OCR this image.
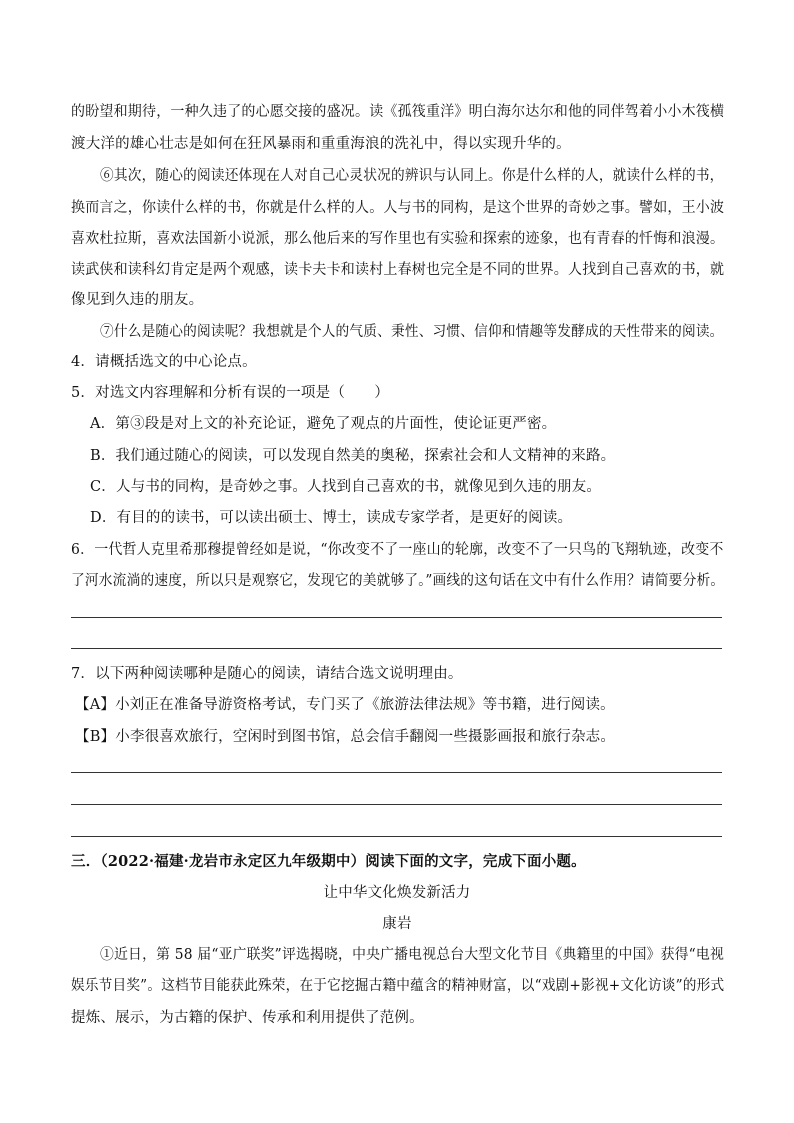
的盼望和期待，一种久违了的心愿交接的盛况。读《孤筏重洋》明白海尔达尔和他的同伴驾着小小木筏横
渡大洋的雄心壮志是如何在狂风暴雨和重重海浪的洗礼中，得以实现升华的。
⑥其次，随心的阅读还体现在人对自己心灵状况的辨识与认同上。你是什么样的人，就读什么样的书，
换而言之，你读什么样的书，你就是什么样的人。人与书的同构，是这个世界的奇妙之事。譬如，王小波
喜欢杜拉斯，喜欢法国新小说派，那么他后来的写作里也有实验和探索的迹象，也有青春的忏悔和浪漫。
读武侠和读科幻肯定是两个观感，读卡夫卡和读村上春树也完全是不同的世界。人找到自己喜欢的书，就
像见到久违的朋友。
⑦什么是随心的阅读呢？我想就是个人的气质、秉性、习惯、信仰和情趣等发酵成的天性带来的阅读。
4．请概括选文的中心论点。
5．对选文内容理解和分析有误的一项是（　　）
A．第③段是对上文的补充论证，避免了观点的片面性，使论证更严密。
B．我们通过随心的阅读，可以发现自然美的奥秘，探索社会和人文精神的来路。
C．人与书的同构，是奇妙之事。人找到自己喜欢的书，就像见到久违的朋友。
D．有目的的读书，可以读出硕士、博士，读成专家学者，是更好的阅读。
6．一代哲人克里希那穆提曾经如是说，“你改变不了一座山的轮廓，改变不了一只鸟的飞翔轨迹，改变不
了河水流淌的速度，所以只是观察它，发现它的美就够了。”画线的这句话在文中有什么作用？请简要分析。
7．以下两种阅读哪种是随心的阅读，请结合选文说明理由。
【A】小刘正在准备导游资格考试，专门买了《旅游法律法规》等书籍，进行阅读。
【B】小李很喜欢旅行，空闲时到图书馆，总会信手翻阅一些摄影画报和旅行杂志。
三．（2022·福建·龙岩市永定区九年级期中）阅读下面的文字，完成下面小题。
让中华文化焕发新活力
康岩
①近日，第 58 届“亚广联奖”评选揭晓，中央广播电视总台大型文化节目《典籍里的中国》获得“电视
娱乐节目奖”。这档节目能获此殊荣，在于它挖掘古籍中蕴含的精神财富，以“戏剧+影视+文化访谈”的形式
提炼、展示，为古籍的保护、传承和利用提供了范例。
